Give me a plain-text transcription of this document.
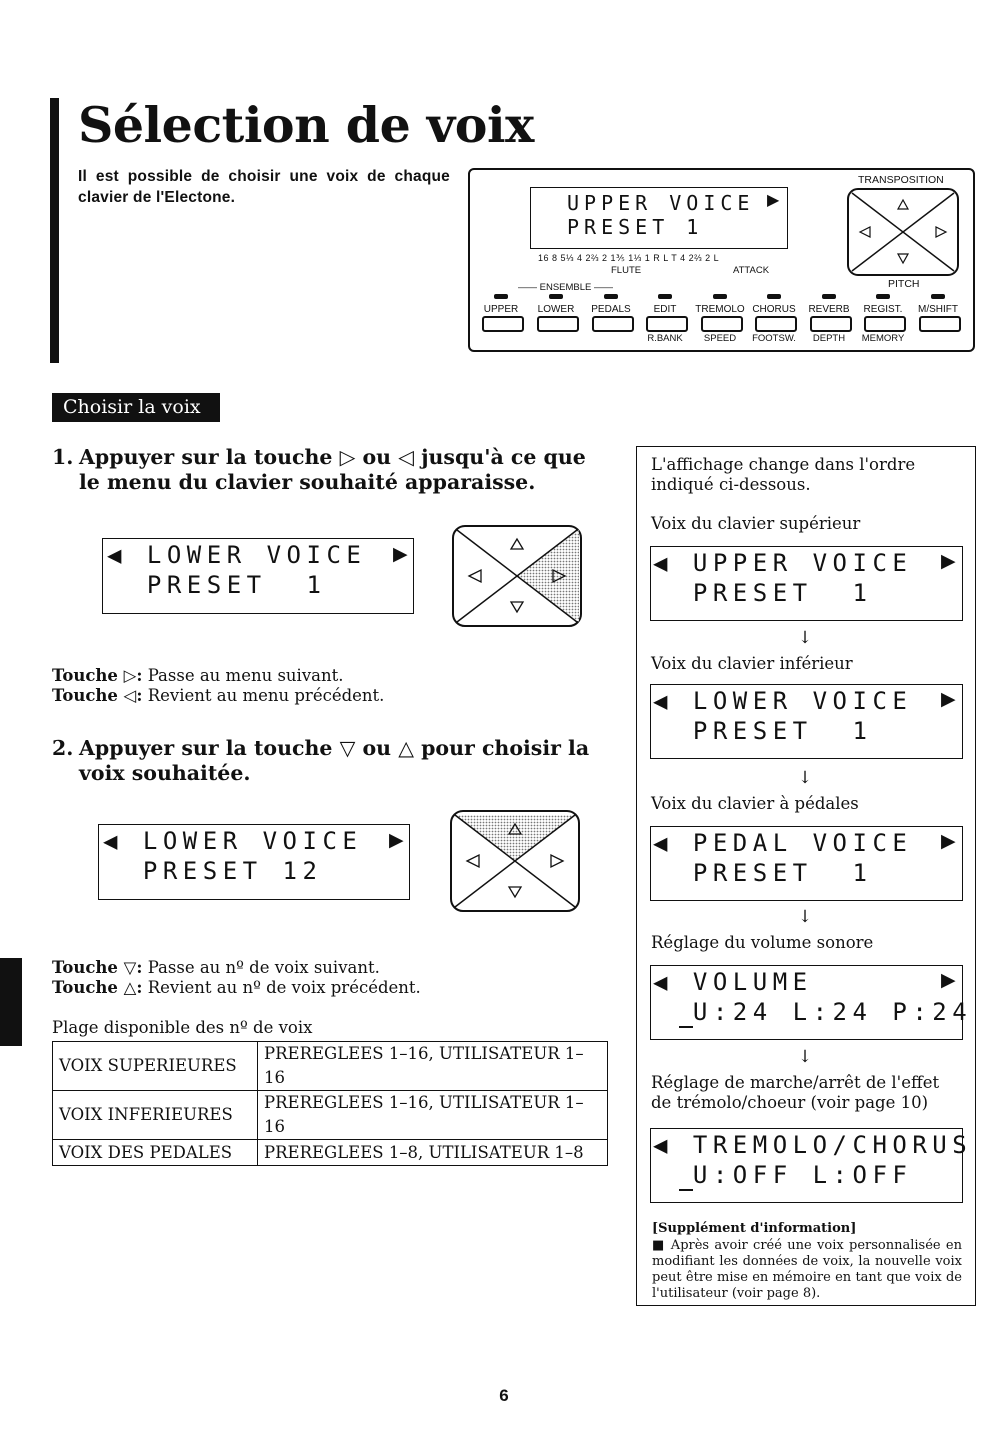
Sélection de voix
Il est possible de choisir une voix de chaque clavier de l'Electone.	UPPER VOICE ▶
PRESET 1
16 8 5⅓ 4 2⅔ 2 1⅗ 1⅓ 1 R L T 4 2⅔ 2 L
FLUTE	ATTACK
—— ENSEMBLE ——
TRANSPOSITION
PITCH
UPPER	LOWER	PEDALS	EDIT	TREMOLO CHORUS	REVERB	REGIST.	M/SHIFT
R.BANK	SPEED	FOOTSW.	DEPTH	MEMORY
Choisir la voix
1. Appuyer sur la touche ▷ ou ◁ jusqu'à ce que le menu du clavier souhaité apparaisse.
◀ LOWER VOICE ▶
PRESET  1
Touche ▷: Passe au menu suivant.
Touche ◁: Revient au menu précédent.
2. Appuyer sur la touche ▽ ou △ pour choisir la voix souhaitée.
◀ LOWER VOICE ▶
PRESET 12
Touche ▽: Passe au nº de voix suivant.
Touche △: Revient au nº de voix précédent.
Plage disponible des nº de voix
VOIX SUPERIEURES	PREREGLEES 1–16, UTILISATEUR 1–16
VOIX INFERIEURES	PREREGLEES 1–16, UTILISATEUR 1–16
VOIX DES PEDALES	PREREGLEES 1–8, UTILISATEUR 1–8
L'affichage change dans l'ordre indiqué ci-dessous.
Voix du clavier supérieur
◀ UPPER VOICE ▶
PRESET  1
↓
Voix du clavier inférieur
◀ LOWER VOICE ▶
PRESET  1
↓
Voix du clavier à pédales
◀ PEDAL VOICE ▶
PRESET  1
↓
Réglage du volume sonore
◀ VOLUME	▶
U:24 L:24 P:24
↓
Réglage de marche/arrêt de l'effet de trémolo/choeur (voir page 10)
◀ TREMOLO/CHORUS
U:OFF L:OFF
[Supplément d'information]
■ Après avoir créé une voix personnalisée en modifiant les données de voix, la nouvelle voix peut être mise en mémoire en tant que voix de l'utilisateur (voir page 8).
6
